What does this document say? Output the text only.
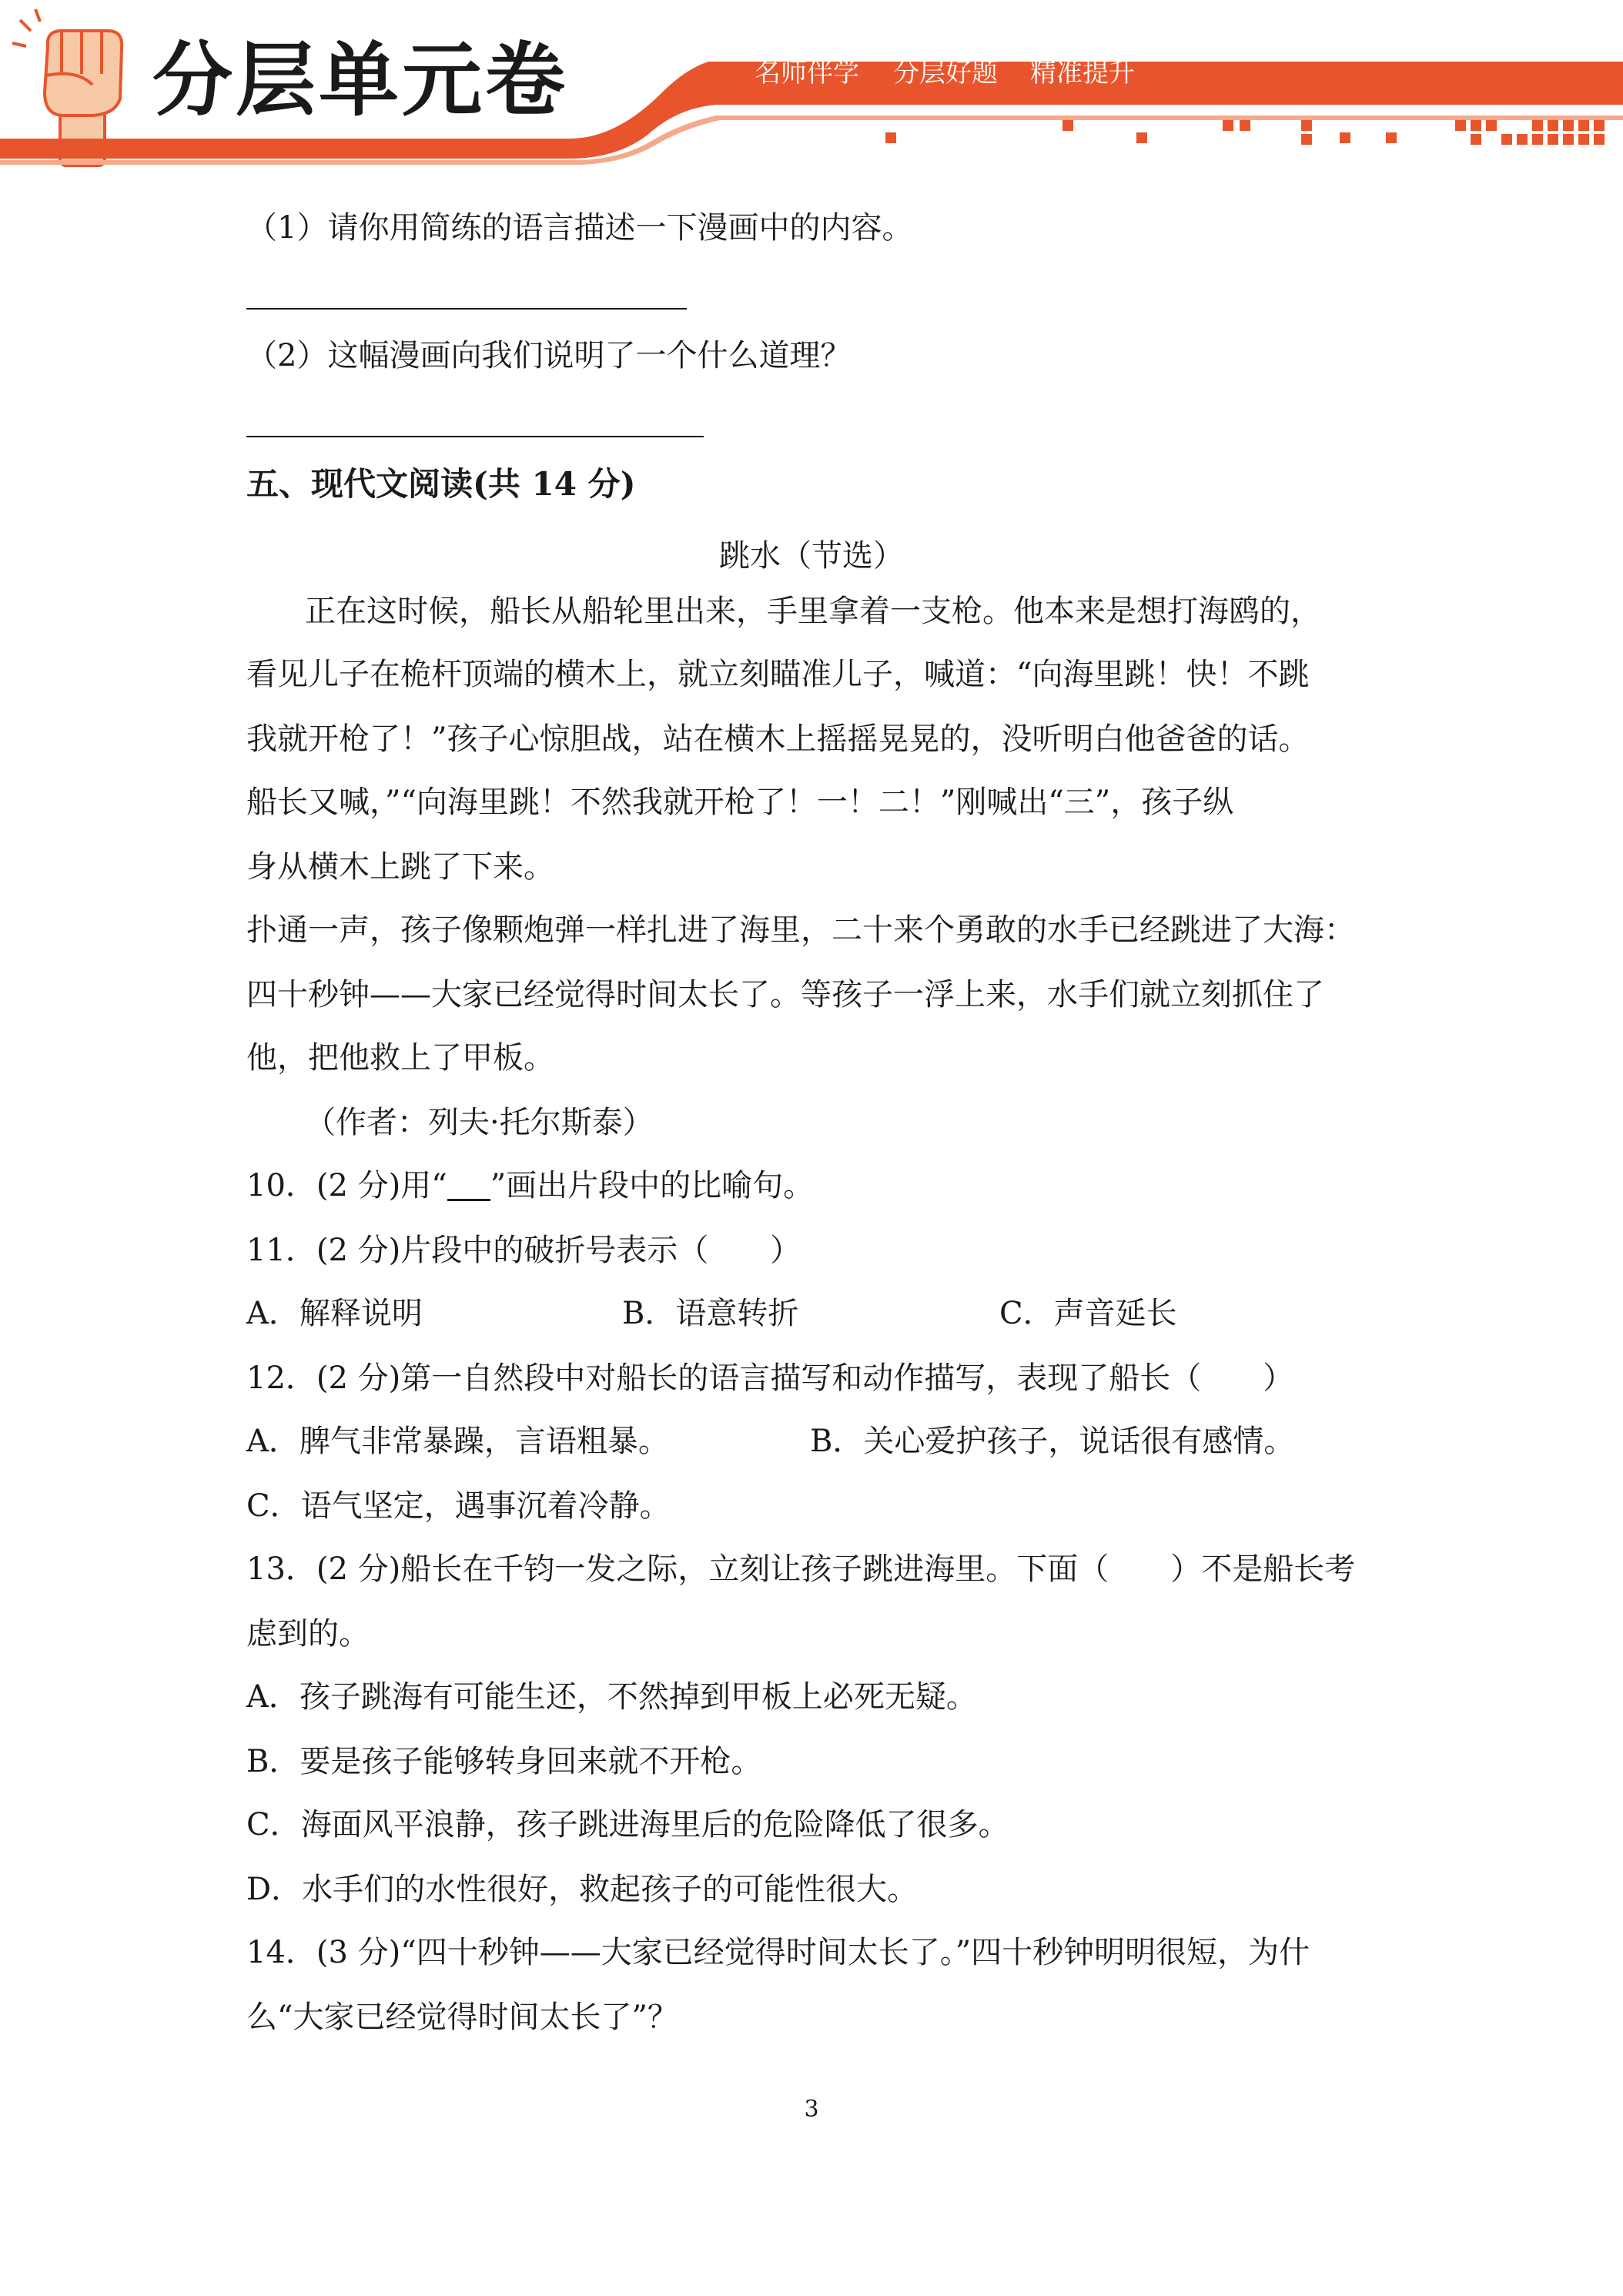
分层单元卷	名师伴学 分层好题 精准提升
（1）请你用简练的语言描述一下漫画中的内容。
（2）这幅漫画向我们说明了一个什么道理？
五、现代文阅读(共 14 分)
跳水（节选）
正在这时候，船长从船轮里出来，手里拿着一支枪。他本来是想打海鸥的，
看见儿子在桅杆顶端的横木上，就立刻瞄准儿子，喊道：“向海里跳！快！不跳
我就开枪了！”孩子心惊胆战，站在横木上摇摇晃晃的，没听明白他爸爸的话。
船长又喊，”“向海里跳！不然我就开枪了！一！二！”刚喊出“三”，孩子纵
身从横木上跳了下来。
扑通一声，孩子像颗炮弹一样扎进了海里，二十来个勇敢的水手已经跳进了大海：
四十秒钟——大家已经觉得时间太长了。等孩子一浮上来，水手们就立刻抓住了
他，把他救上了甲板。
（作者：列夫·托尔斯泰）
10．(2 分)用“ ”画出片段中的比喻句。
11．(2 分)片段中的破折号表示（　　）
A．解释说明	B．语意转折	C．声音延长
12．(2 分)第一自然段中对船长的语言描写和动作描写，表现了船长（　　）
A．脾气非常暴躁，言语粗暴。	B．关心爱护孩子，说话很有感情。
C．语气坚定，遇事沉着冷静。
13．(2 分)船长在千钧一发之际，立刻让孩子跳进海里。下面（　　）不是船长考
虑到的。
A．孩子跳海有可能生还，不然掉到甲板上必死无疑。
B．要是孩子能够转身回来就不开枪。
C．海面风平浪静，孩子跳进海里后的危险降低了很多。
D．水手们的水性很好，救起孩子的可能性很大。
14．(3 分)“四十秒钟——大家已经觉得时间太长了。”四十秒钟明明很短，为什
么“大家已经觉得时间太长了”？
3
